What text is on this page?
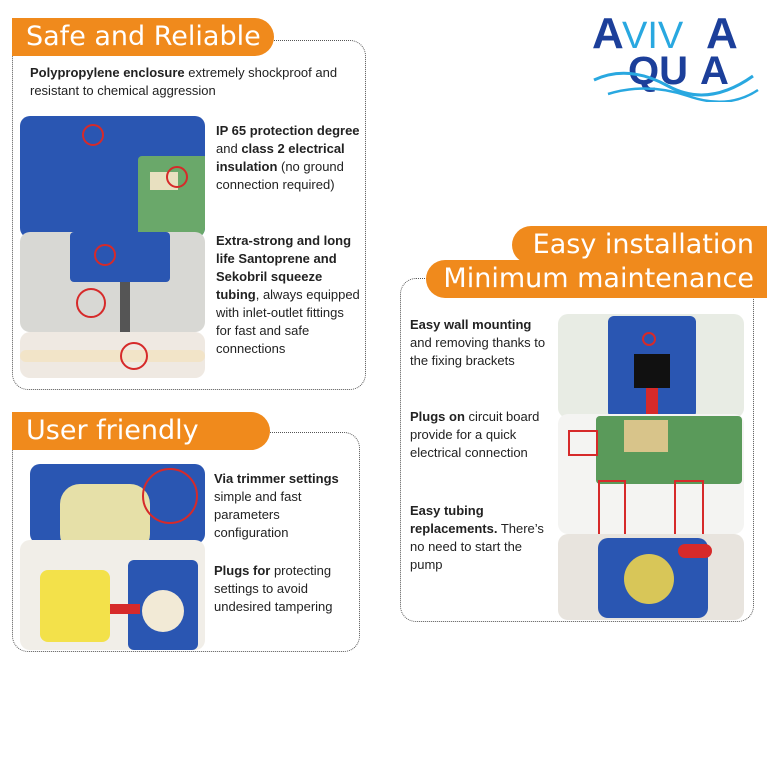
A
VIV A
QU A
Safe and Reliable
Polypropylene enclosure extremely shockproof and resistant to chemical aggression
IP 65 protection degree and class 2 electrical insulation (no ground connection required)
Extra-strong and long life Santoprene and Sekobril squeeze tubing, always equipped with inlet-outlet fittings for fast and safe connections
User friendly
Via trimmer settings simple and fast parameters configuration
Plugs for protecting settings to avoid undesired tampering
Easy installation
Minimum maintenance
Easy wall mounting and removing thanks to the fixing brackets
Plugs on circuit board provide for a quick electrical connection
Easy tubing replacements. There’s no need to start the pump
